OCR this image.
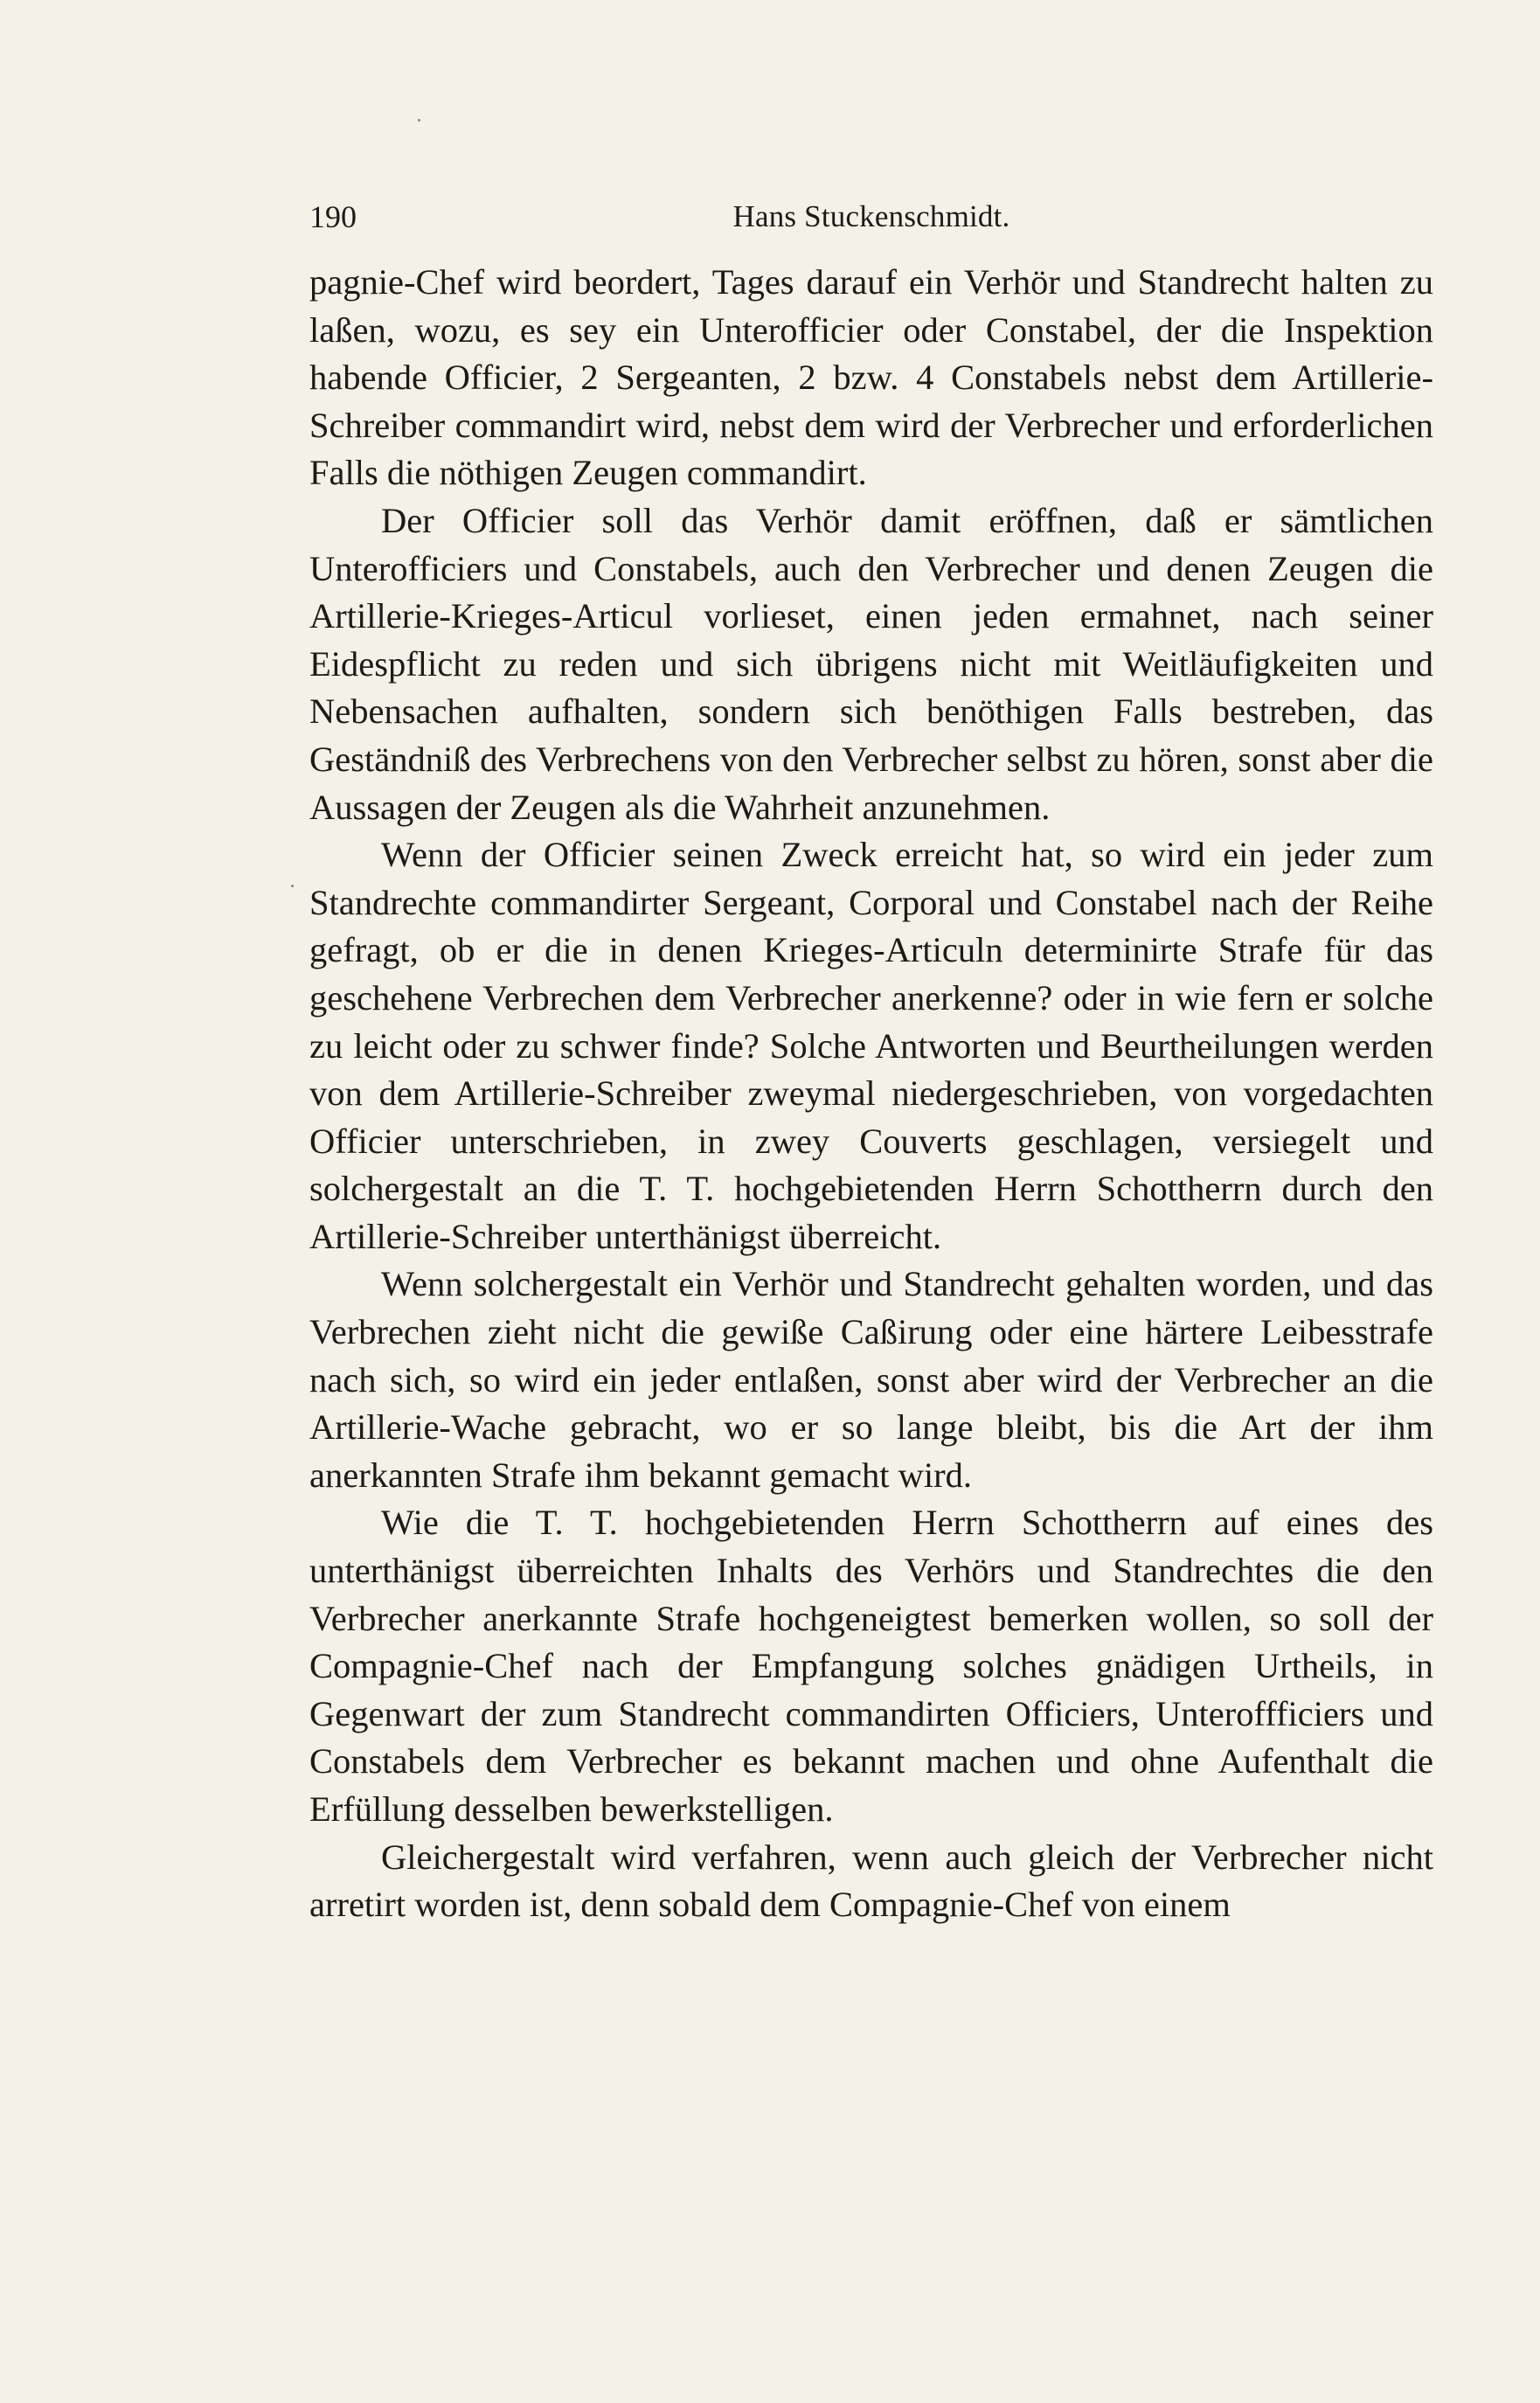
190	Hans Stuckenschmidt.

pagnie-Chef wird beordert, Tages darauf ein Verhör und Standrecht halten zu laßen, wozu, es sey ein Unterofficier oder Constabel, der die Inspektion habende Officier, 2 Sergeanten, 2 bzw. 4 Constabels nebst dem Artillerie-Schreiber commandirt wird, nebst dem wird der Verbrecher und erforderlichen Falls die nöthigen Zeugen commandirt.

Der Officier soll das Verhör damit eröffnen, daß er sämtlichen Unterofficiers und Constabels, auch den Verbrecher und denen Zeugen die Artillerie-Krieges-Articul vorlieset, einen jeden ermahnet, nach seiner Eidespflicht zu reden und sich übrigens nicht mit Weitläufigkeiten und Nebensachen aufhalten, sondern sich benöthigen Falls bestreben, das Geständniß des Verbrechens von den Verbrecher selbst zu hören, sonst aber die Aussagen der Zeugen als die Wahrheit anzunehmen.

Wenn der Officier seinen Zweck erreicht hat, so wird ein jeder zum Standrechte commandirter Sergeant, Corporal und Constabel nach der Reihe gefragt, ob er die in denen Krieges-Articuln determinirte Strafe für das geschehene Verbrechen dem Verbrecher anerkenne? oder in wie fern er solche zu leicht oder zu schwer finde? Solche Antworten und Beurtheilungen werden von dem Artillerie-Schreiber zweymal niedergeschrieben, von vorgedachten Officier unterschrieben, in zwey Couverts geschlagen, versiegelt und solchergestalt an die T. T. hochgebietenden Herrn Schottherrn durch den Artillerie-Schreiber unterthänigst überreicht.

Wenn solchergestalt ein Verhör und Standrecht gehalten worden, und das Verbrechen zieht nicht die gewiße Caßirung oder eine härtere Leibesstrafe nach sich, so wird ein jeder entlaßen, sonst aber wird der Verbrecher an die Artillerie-Wache gebracht, wo er so lange bleibt, bis die Art der ihm anerkannten Strafe ihm bekannt gemacht wird.

Wie die T. T. hochgebietenden Herrn Schottherrn auf eines des unterthänigst überreichten Inhalts des Verhörs und Standrechtes die den Verbrecher anerkannte Strafe hochgeneigtest bemerken wollen, so soll der Compagnie-Chef nach der Empfangung solches gnädigen Urtheils, in Gegenwart der zum Standrecht commandirten Officiers, Unteroffficiers und Constabels dem Verbrecher es bekannt machen und ohne Aufenthalt die Erfüllung desselben bewerkstelligen.

Gleichergestalt wird verfahren, wenn auch gleich der Verbrecher nicht arretirt worden ist, denn sobald dem Compagnie-Chef von einem
